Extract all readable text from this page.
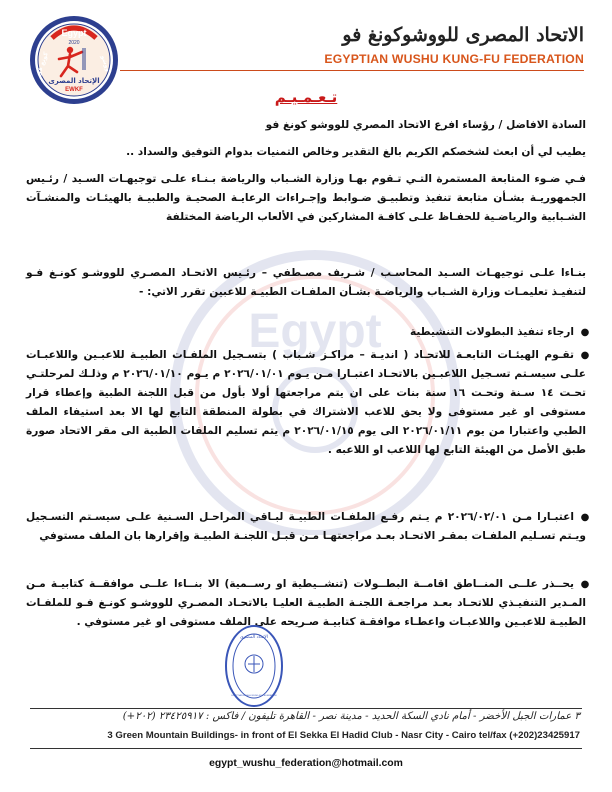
Egypt
2020
كونغ فو	ووشو
الإتحاد المصرى
EWKF
الاتحاد المصرى للووشوكونغ فو
EGYPTIAN WUSHU KUNG-FU FEDERATION
Egypt
تـعـمـيـم
السادة الافاضل / رؤساء افرع الاتحاد المصري للووشو كونغ فو
يطيب لي أن ابعث لشخصكم الكريم بالغ التقدير وخالص التمنيات بدوام التوفيق والسداد ..
فـي ضـوء المتابعة المستمرة التـي تـقوم بهـا وزارة الشـباب والرياضة بـنـاء علـى توجيهـات السـيد / رئـيس الجمهوريـة بشـأن متابعة تنفيذ وتطبيـق ضـوابط وإجـراءات الرعايـة الصحيـة والطبيـة بالهيئـات والمنشـآت الشـبابية والرياضـية للحفـاظ علـى كافـة المشاركين في الألعاب الرياضة المختلفة
بنـاءا علـى توجيهـات السـيد المحاسـب / شـريف مصـطفي – رئـيس الاتحـاد المصـري للووشـو كونـغ فـو لتنفيـذ تعليمـات وزارة الشـباب والرياضـة بشـأن الملفـات الطبيـة للاعبين تقرر الاتي: -
●
ارجاء تنفيذ البطولات التنشيطية
●
تقـوم الهيئـات التابعـة للاتحـاد ( انديـة – مراكـز شـباب ) بتسـجيل الملفـات الطبيـة للاعبـين واللاعبـات علـى سيسـتم تسـجيل اللاعبـين بالاتحـاد اعتبـارا مـن يـوم ٢٠٢٦/٠١/٠١ م يـوم ٢٠٢٦/٠١/١٠ م وذلـك لمرحلتـي تحـت ١٤ سـنة وتحـت ١٦ سنة بنات على ان يتم مراجعتها أولا بأول من قبل اللجنة الطبية وإعطاء قرار مستوفى او غير مستوفى ولا يحق للاعب الاشتراك في بطولة المنطقة التابع لها الا بعد استيفاء الملف الطبي واعتبارا من يوم ٢٠٢٦/٠١/١١ الى يوم ٢٠٢٦/٠١/١٥ م يتم تسليم الملفات الطبية الى مقر الاتحاد صورة طبق الأصل من الهيئة التابع لها اللاعب او اللاعبه .
●
اعتبـارا مـن ٢٠٢٦/٠٢/٠١ م يـتم رفـع الملفـات الطبيـة لبـاقي المراحـل السـنية علـى سيسـتم التسـجيل ويـتم تسـليم الملفـات بمقـر الاتحـاد بعـد مراجعتهـا مـن قبـل اللجنـة الطبيـة وإقرارها بان الملف مستوفي
●
يحــذر علــى المنــاطق اقامــة البطــولات (تنشــيطية او رســمية) الا بنــاءا علــى موافقــة كتابيـة مـن المـدير التنفيـذي للاتحـاد بعـد مراجعـة اللجنـة الطبيـة العليـا بالاتحـاد المصـري للووشـو كونـغ فـو للملفـات الطبيـة للاعبـين واللاعبـات واعطـاء موافقـة كتابيـة صـريحه على الملف مستوفى او غير مستوفي .
الاتحاد المصرى
EGYPTIAN WUSHU KUNG-FU FEDERATION
٣ عمارات الجبل الأخضر - أمام نادي السكة الحديد - مدينة نصر - القاهرة تليفون / فاكس : ٢٣٤٢٥٩١٧ (٢٠٢+)
3 Green Mountain Buildings- in front of El Sekka El Hadid Club - Nasr City - Cairo tel/fax (+202)23425917
egypt_wushu_federation@hotmail.com
